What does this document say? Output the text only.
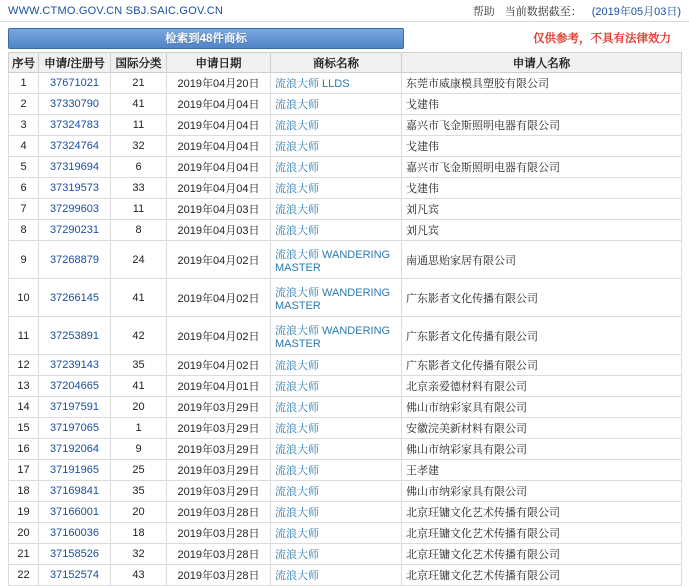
WWW.CTMO.GOV.CN SBJ.SAIC.GOV.CN	帮助 当前数据截至： (2019年05月03日)
检索到48件商标	仅供参考，不具有法律效力
序号	申请/注册号	国际分类	申请日期	商标名称	申请人名称
1	37671021	21	2019年04月20日	流浪大师 LLDS	东莞市威康模具塑胶有限公司
2	37330790	41	2019年04月04日	流浪大师	戈建伟
3	37324783	11	2019年04月04日	流浪大师	嘉兴市飞金斯照明电器有限公司
4	37324764	32	2019年04月04日	流浪大师	戈建伟
5	37319694	6	2019年04月04日	流浪大师	嘉兴市飞金斯照明电器有限公司
6	37319573	33	2019年04月04日	流浪大师	戈建伟
7	37299603	11	2019年04月03日	流浪大师	刘凡宾
8	37290231	8	2019年04月03日	流浪大师	刘凡宾
9	37268879	24	2019年04月02日	流浪大师 WANDERING MASTER	南通思贻家居有限公司
10	37266145	41	2019年04月02日	流浪大师 WANDERING MASTER	广东影者文化传播有限公司
11	37253891	42	2019年04月02日	流浪大师 WANDERING MASTER	广东影者文化传播有限公司
12	37239143	35	2019年04月02日	流浪大师	广东影者文化传播有限公司
13	37204665	41	2019年04月01日	流浪大师	北京亲爱德材料有限公司
14	37197591	20	2019年03月29日	流浪大师	佛山市纳彩家具有限公司
15	37197065	1	2019年03月29日	流浪大师	安徽浣美新材料有限公司
16	37192064	9	2019年03月29日	流浪大师	佛山市纳彩家具有限公司
17	37191965	25	2019年03月29日	流浪大师	王孝建
18	37169841	35	2019年03月29日	流浪大师	佛山市纳彩家具有限公司
19	37166001	20	2019年03月28日	流浪大师	北京玨镛文化艺术传播有限公司
20	37160036	18	2019年03月28日	流浪大师	北京玨镛文化艺术传播有限公司
21	37158526	32	2019年03月28日	流浪大师	北京玨镛文化艺术传播有限公司
22	37152574	43	2019年03月28日	流浪大师	北京玨镛文化艺术传播有限公司
